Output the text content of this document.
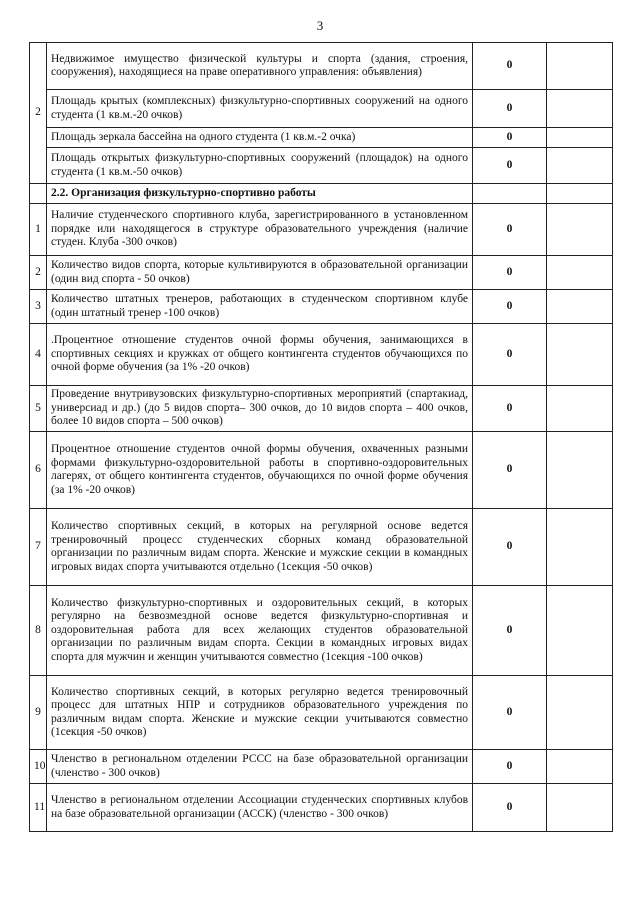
3
2	Недвижимое имущество физической культуры и спорта (здания, строения, сооружения), находящиеся на праве оперативного управления: объявления)	0	
	Площадь крытых (комплексных) физкультурно-спортивных сооружений на одного студента (1 кв.м.-20 очков)	0	
	Площадь зеркала бассейна на одного студента (1 кв.м.-2 очка)	0	
	Площадь открытых физкультурно-спортивных сооружений (площадок) на одного студента (1 кв.м.-50 очков)	0	
	2.2. Организация физкультурно-спортивно работы		
1	Наличие студенческого спортивного клуба, зарегистрированного в установленном порядке или находящегося в структуре образовательного учреждения (наличие студен. Клуба -300 очков)	0	
2	Количество видов спорта, которые культивируются в образовательной организации (один вид спорта - 50 очков)	0	
3	Количество штатных тренеров, работающих в студенческом спортивном клубе (один штатный тренер -100 очков)	0	
4	.Процентное отношение студентов очной формы обучения, занимающихся в спортивных секциях и кружках от общего контингента студентов обучающихся по очной форме обучения (за 1% -20 очков)	0	
5	Проведение внутривузовских физкультурно-спортивных мероприятий (спартакиад, универсиад и др.) (до 5 видов спорта– 300 очков, до 10 видов спорта – 400 очков, более 10 видов спорта – 500 очков)	0	
6	Процентное отношение студентов очной формы обучения, охваченных разными формами физкультурно-оздоровительной работы в спортивно-оздоровительных лагерях, от общего контингента студентов, обучающихся по очной форме обучения (за 1% -20 очков)	0	
7	Количество спортивных секций, в которых на регулярной основе ведется тренировочный процесс студенческих сборных команд образовательной организации по различным видам спорта. Женские и мужские секции в командных игровых видах спорта учитываются отдельно (1секция -50 очков)	0	
8	Количество физкультурно-спортивных и оздоровительных секций, в которых регулярно на безвозмездной основе ведется физкультурно-спортивная и оздоровительная работа для всех желающих студентов образовательной организации по различным видам спорта. Секции в командных игровых видах спорта для мужчин и женщин учитываются совместно (1секция -100 очков)	0	
9	Количество спортивных секций, в которых регулярно ведется тренировочный процесс для штатных НПР и сотрудников образовательного учреждения по различным видам спорта. Женские и мужские секции учитываются совместно (1секция -50 очков)	0	
10	Членство в региональном отделении РССС на базе образовательной организации (членство - 300 очков)	0	
11	Членство в региональном отделении Ассоциации студенческих спортивных клубов на базе образовательной организации (АССК) (членство - 300 очков)	0	
